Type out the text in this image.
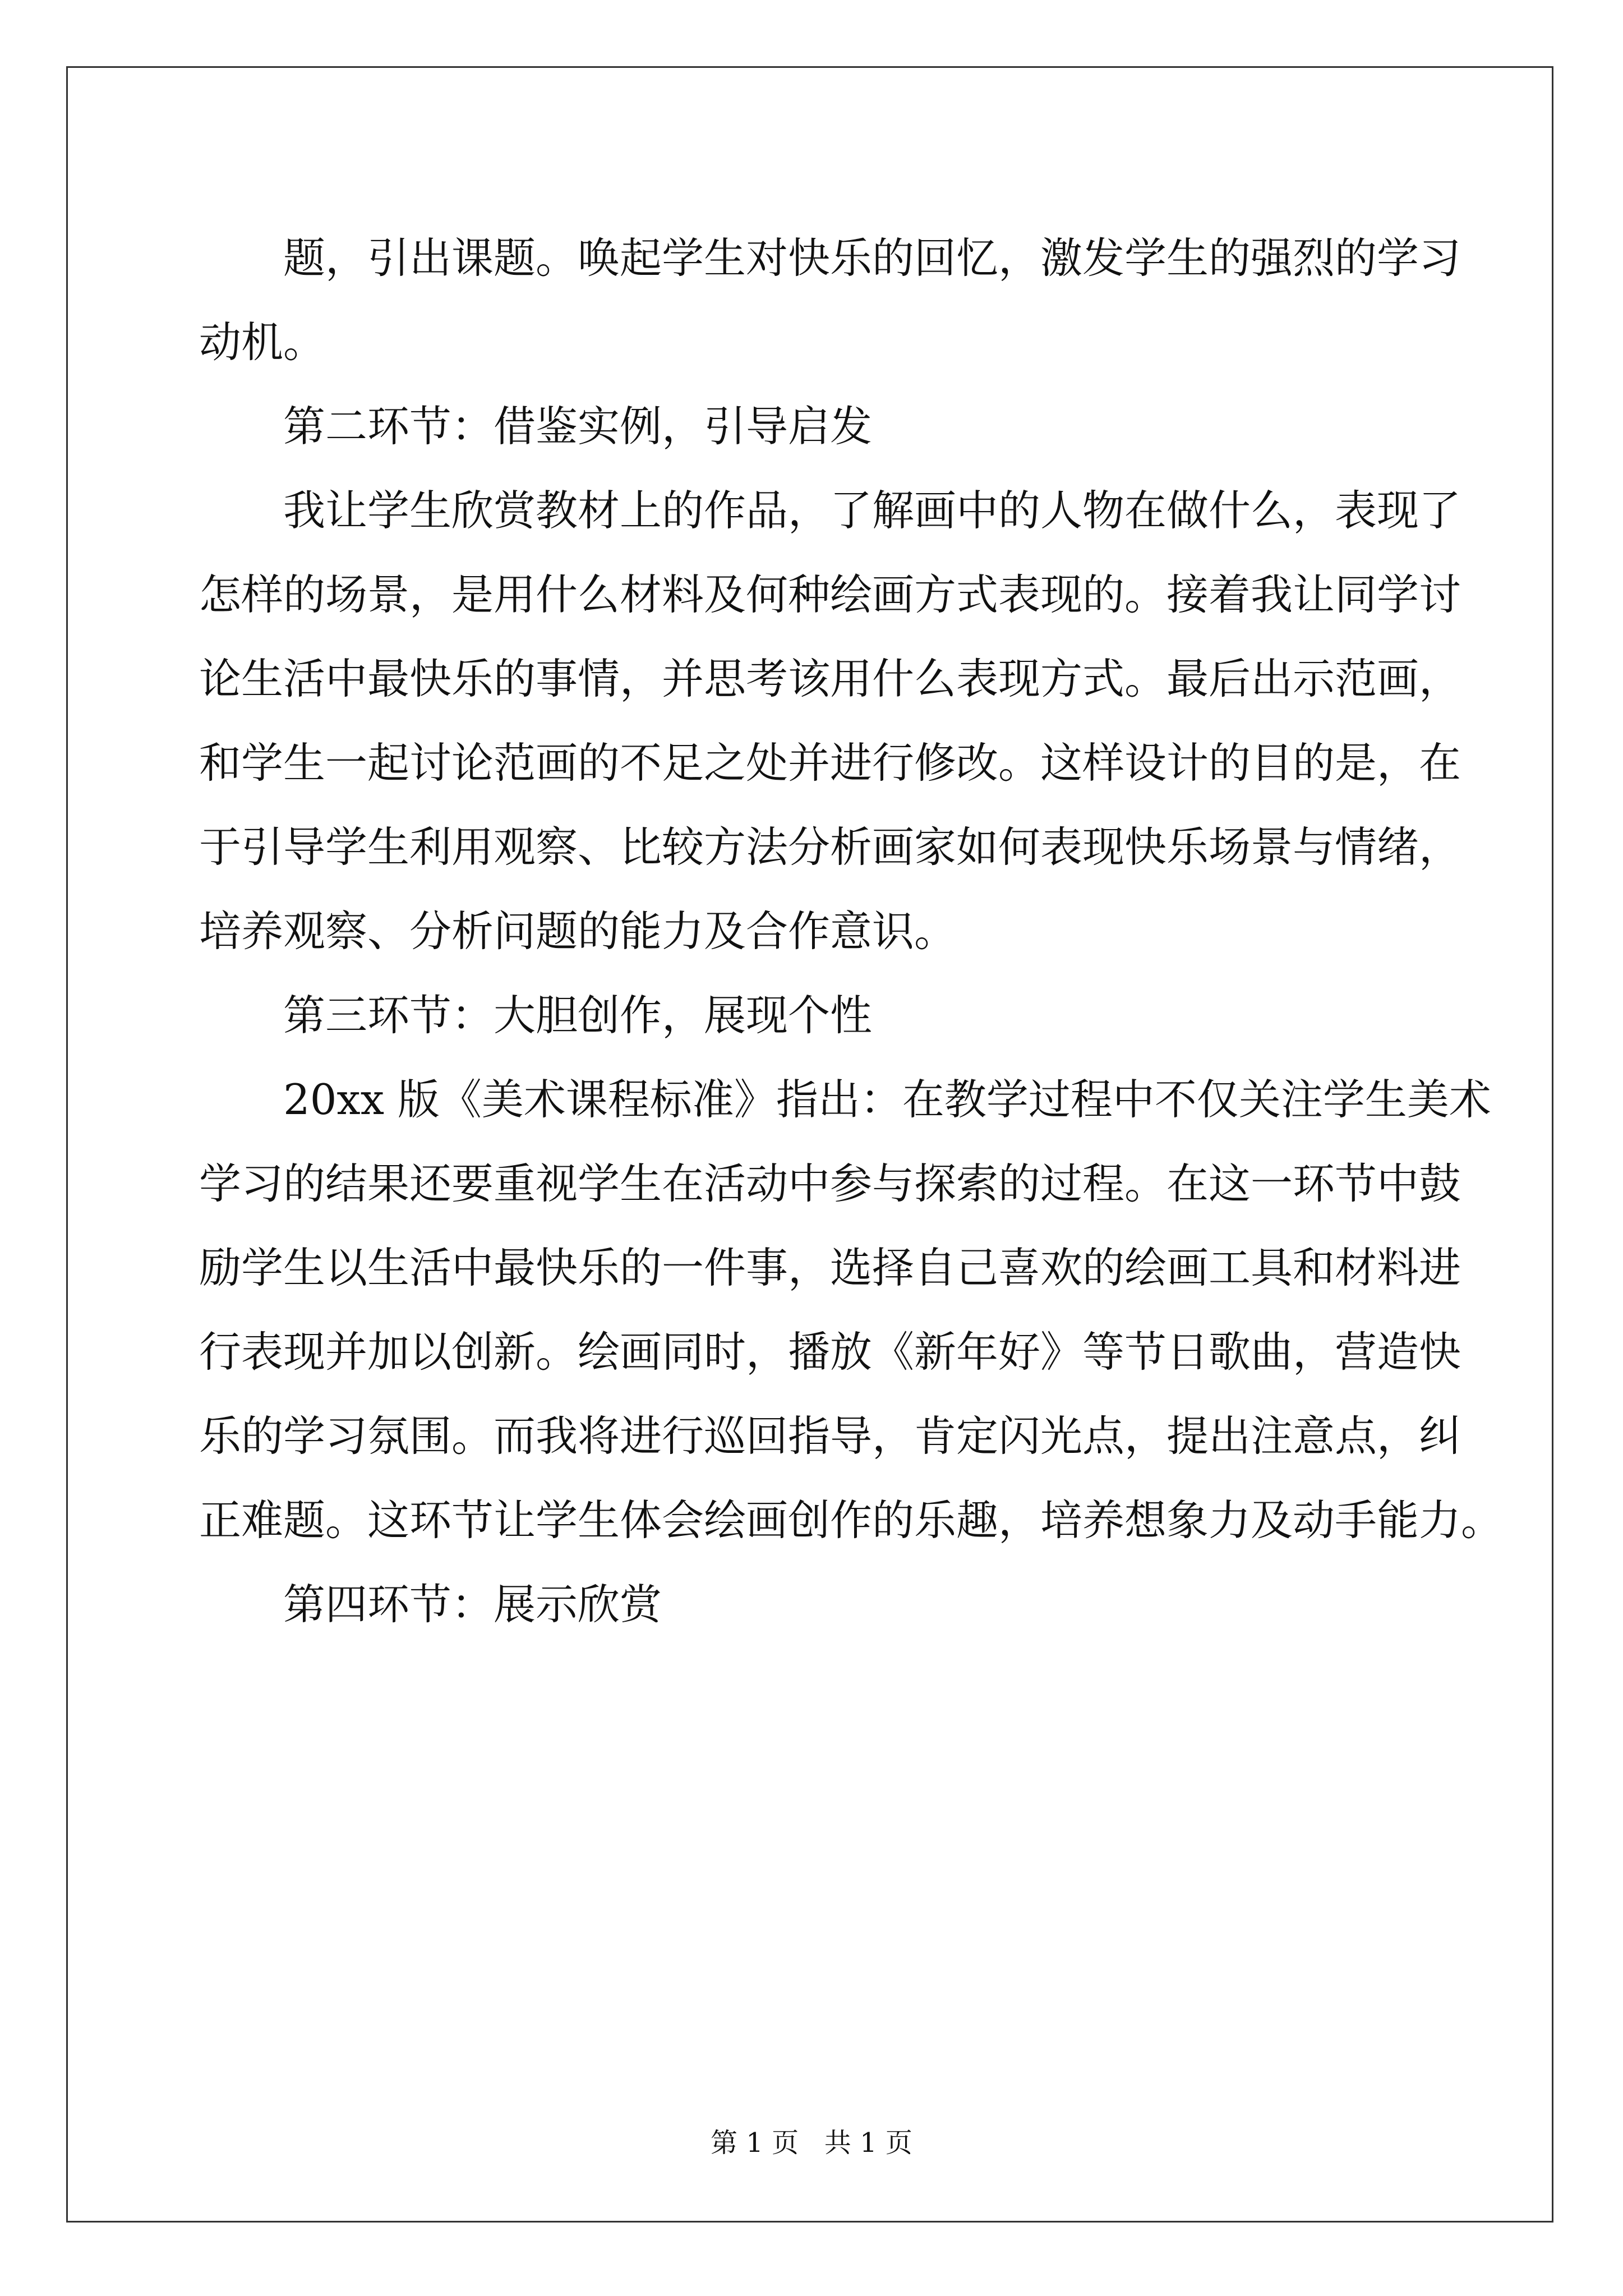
题，引出课题。唤起学生对快乐的回忆，激发学生的强烈的学习
动机。
第二环节：借鉴实例，引导启发
我让学生欣赏教材上的作品，了解画中的人物在做什么，表现了
怎样的场景，是用什么材料及何种绘画方式表现的。接着我让同学讨
论生活中最快乐的事情，并思考该用什么表现方式。最后出示范画，
和学生一起讨论范画的不足之处并进行修改。这样设计的目的是，在
于引导学生利用观察、比较方法分析画家如何表现快乐场景与情绪，
培养观察、分析问题的能力及合作意识。
第三环节：大胆创作，展现个性
20xx 版《美术课程标准》指出：在教学过程中不仅关注学生美术
学习的结果还要重视学生在活动中参与探索的过程。在这一环节中鼓
励学生以生活中最快乐的一件事，选择自己喜欢的绘画工具和材料进
行表现并加以创新。绘画同时，播放《新年好》等节日歌曲，营造快
乐的学习氛围。而我将进行巡回指导，肯定闪光点，提出注意点，纠
正难题。这环节让学生体会绘画创作的乐趣，培养想象力及动手能力。
第四环节：展示欣赏
第 1 页   共 1 页
